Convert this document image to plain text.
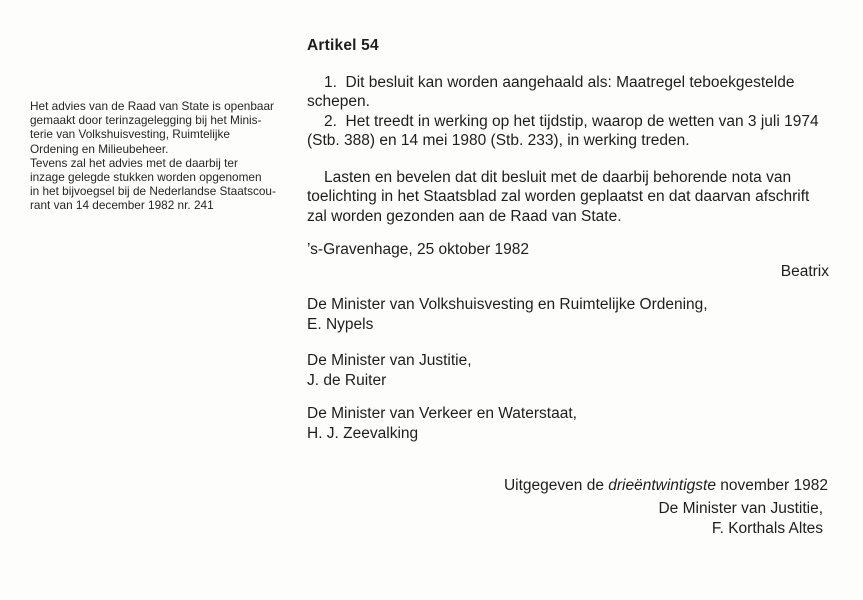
Het advies van de Raad van State is openbaar
gemaakt door terinzagelegging bij het Minis-
terie van Volkshuisvesting, Ruimtelijke
Ordening en Milieubeheer.
Tevens zal het advies met de daarbij ter
inzage gelegde stukken worden opgenomen
in het bijvoegsel bij de Nederlandse Staatscou-
rant van 14 december 1982 nr. 241
Artikel 54
1.  Dit besluit kan worden aangehaald als: Maatregel teboekgestelde
schepen.
2.  Het treedt in werking op het tijdstip, waarop de wetten van 3 juli 1974
(Stb. 388) en 14 mei 1980 (Stb. 233), in werking treden.
Lasten en bevelen dat dit besluit met de daarbij behorende nota van
toelichting in het Staatsblad zal worden geplaatst en dat daarvan afschrift
zal worden gezonden aan de Raad van State.
’s-Gravenhage, 25 oktober 1982
Beatrix
De Minister van Volkshuisvesting en Ruimtelijke Ordening,
E. Nypels
De Minister van Justitie,
J. de Ruiter
De Minister van Verkeer en Waterstaat,
H. J. Zeevalking

Uitgegeven de drieëntwintigste november 1982

De Minister van Justitie,
F. Korthals Altes
